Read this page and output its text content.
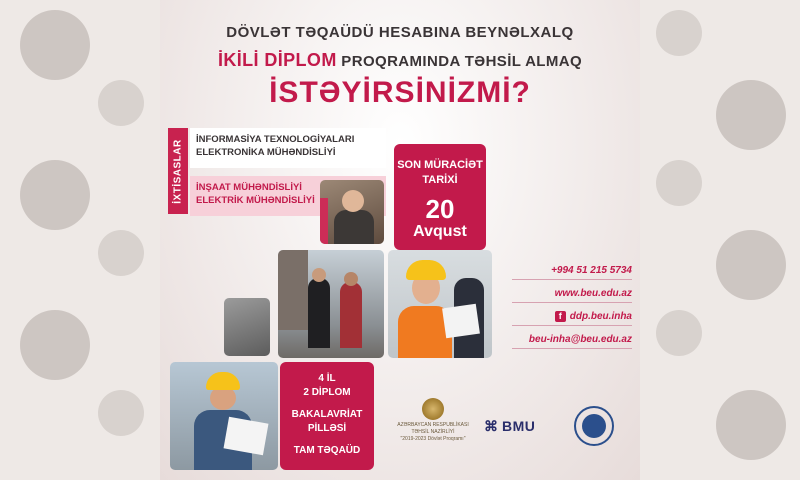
DÖVLƏT TƏQAÜDÜ HESABINA BEYNƏLXALQ
İKİLİ DİPLOM PROQRAMINDA TƏHSİL ALMAQ
İSTƏYİRSİNİZMİ?
İXTİSASLAR İNFORMASİYA TEXNOLOGİYALARI
ELEKTRONİKA MÜHƏNDİSLİYİ
İNŞAAT MÜHƏNDİSLİYİ
ELEKTRİK MÜHƏNDİSLİYİ
SON MÜRACİƏT
TARİXİ
20
Avqust
4 İL
2 DİPLOM
BAKALAVRİAT
PİLLƏSİ
TAM TƏQAÜD
+994 51 215 5734
www.beu.edu.az
f ddp.beu.inha
beu-inha@beu.edu.az
AZƏRBAYCAN RESPUBLİKASI
TƏHSİL NAZİRLİYİ
"2019-2023 Dövlət Proqramı"
⌘ BMU
